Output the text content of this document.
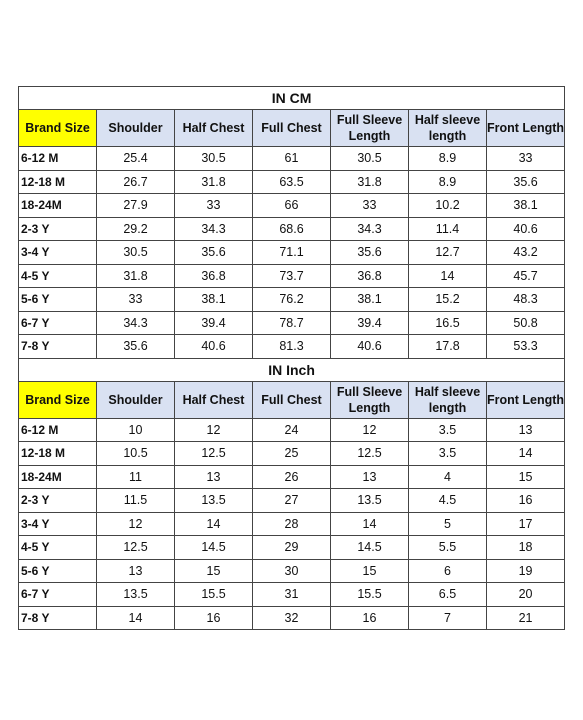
IN CM						
Brand Size	Shoulder	Half Chest	Full Chest	Full Sleeve Length	Half sleeve length	Front Length
6-12 M	25.4	30.5	61	30.5	8.9	33
12-18 M	26.7	31.8	63.5	31.8	8.9	35.6
18-24M	27.9	33	66	33	10.2	38.1
2-3 Y	29.2	34.3	68.6	34.3	11.4	40.6
3-4 Y	30.5	35.6	71.1	35.6	12.7	43.2
4-5 Y	31.8	36.8	73.7	36.8	14	45.7
5-6 Y	33	38.1	76.2	38.1	15.2	48.3
6-7 Y	34.3	39.4	78.7	39.4	16.5	50.8
7-8 Y	35.6	40.6	81.3	40.6	17.8	53.3
IN Inch						
Brand Size	Shoulder	Half Chest	Full Chest	Full Sleeve Length	Half sleeve length	Front Length
6-12 M	10	12	24	12	3.5	13
12-18 M	10.5	12.5	25	12.5	3.5	14
18-24M	11	13	26	13	4	15
2-3 Y	11.5	13.5	27	13.5	4.5	16
3-4 Y	12	14	28	14	5	17
4-5 Y	12.5	14.5	29	14.5	5.5	18
5-6 Y	13	15	30	15	6	19
6-7 Y	13.5	15.5	31	15.5	6.5	20
7-8 Y	14	16	32	16	7	21
